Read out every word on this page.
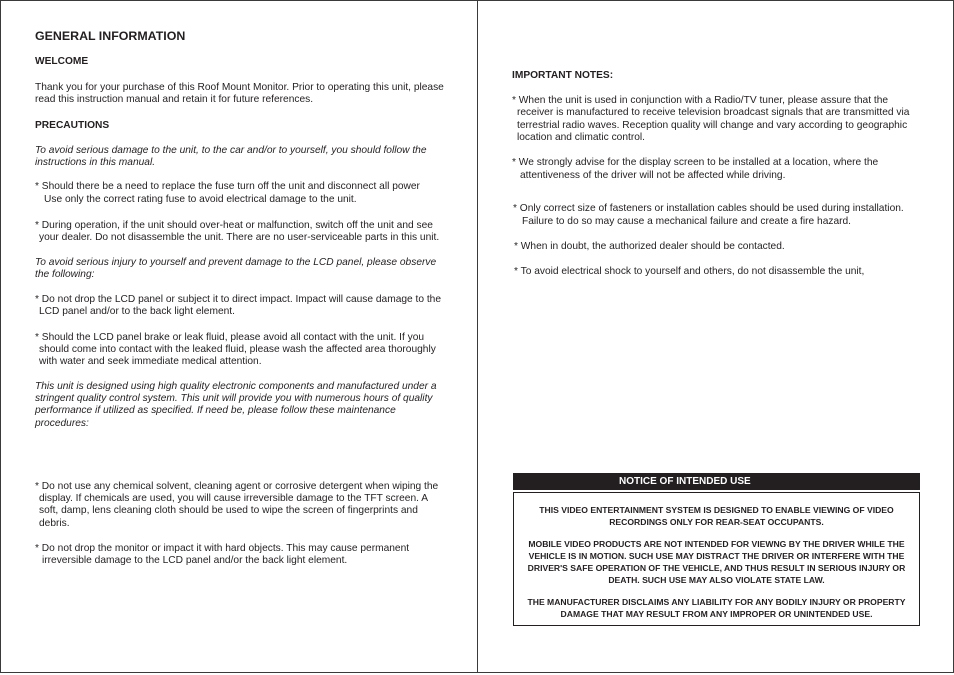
GENERAL INFORMATION

WELCOME

Thank you for your purchase of this Roof Mount Monitor. Prior to operating this unit, please

read this instruction manual and retain it for future references.

PRECAUTIONS

To avoid serious damage to the unit, to the car and/or to yourself, you should follow the

instructions in this manual.

* Should there be a need to replace the fuse turn off the unit and disconnect all power

Use only the correct rating fuse to avoid electrical damage to the unit.

* During operation, if the unit should over-heat or malfunction, switch off the unit and see

your dealer. Do not disassemble the unit. There are no user-serviceable parts in this unit.

To avoid serious injury to yourself and prevent damage to the LCD panel, please observe

the following:

* Do not drop the LCD panel or subject it to direct impact. Impact will cause damage to the

LCD panel and/or to the back light element.

* Should the LCD panel brake or leak fluid, please avoid all contact with the unit. If you

should come into contact with the leaked fluid, please wash the affected area thoroughly

with water and seek immediate medical attention.

This unit is designed using high quality electronic components and manufactured under a

stringent quality control system. This unit will provide you with numerous hours of quality

performance if utilized as specified. If need be, please follow these maintenance

procedures:

* Do not use any chemical solvent, cleaning agent or corrosive detergent when wiping the

display. If chemicals are used, you will cause irreversible damage to the TFT screen. A

soft, damp, lens cleaning cloth should be used to wipe the screen of fingerprints and

debris.

* Do not drop the monitor or impact it with hard objects. This may cause permanent

irreversible damage to the LCD panel and/or the back light element.

IMPORTANT NOTES:

* When the unit is used in conjunction with a Radio/TV tuner, please assure that the

receiver is manufactured to receive television broadcast signals that are transmitted via

terrestrial radio waves. Reception quality will change and vary according to geographic

location and climatic control.

* We strongly advise for the display screen to be installed at a location, where the

attentiveness of the driver will not be affected while driving.

* Only correct size of fasteners or installation cables should be used during installation.

Failure to do so may cause a mechanical failure and create a fire hazard.

* When in doubt, the authorized dealer should be contacted.

* To avoid electrical shock to yourself and others, do not disassemble the unit,

NOTICE OF INTENDED USE

THIS VIDEO ENTERTAINMENT SYSTEM IS DESIGNED TO ENABLE VIEWING OF VIDEO

RECORDINGS ONLY FOR REAR-SEAT OCCUPANTS.

MOBILE VIDEO PRODUCTS ARE NOT INTENDED FOR VIEWNG BY THE DRIVER WHILE THE

VEHICLE IS IN MOTION. SUCH USE MAY DISTRACT THE DRIVER OR INTERFERE WITH THE

DRIVER'S SAFE OPERATION OF THE VEHICLE, AND THUS RESULT IN SERIOUS INJURY OR

DEATH. SUCH USE MAY ALSO VIOLATE STATE LAW.

THE MANUFACTURER DISCLAIMS ANY LIABILITY FOR ANY BODILY INJURY OR PROPERTY

DAMAGE THAT MAY RESULT FROM ANY IMPROPER OR UNINTENDED USE.
